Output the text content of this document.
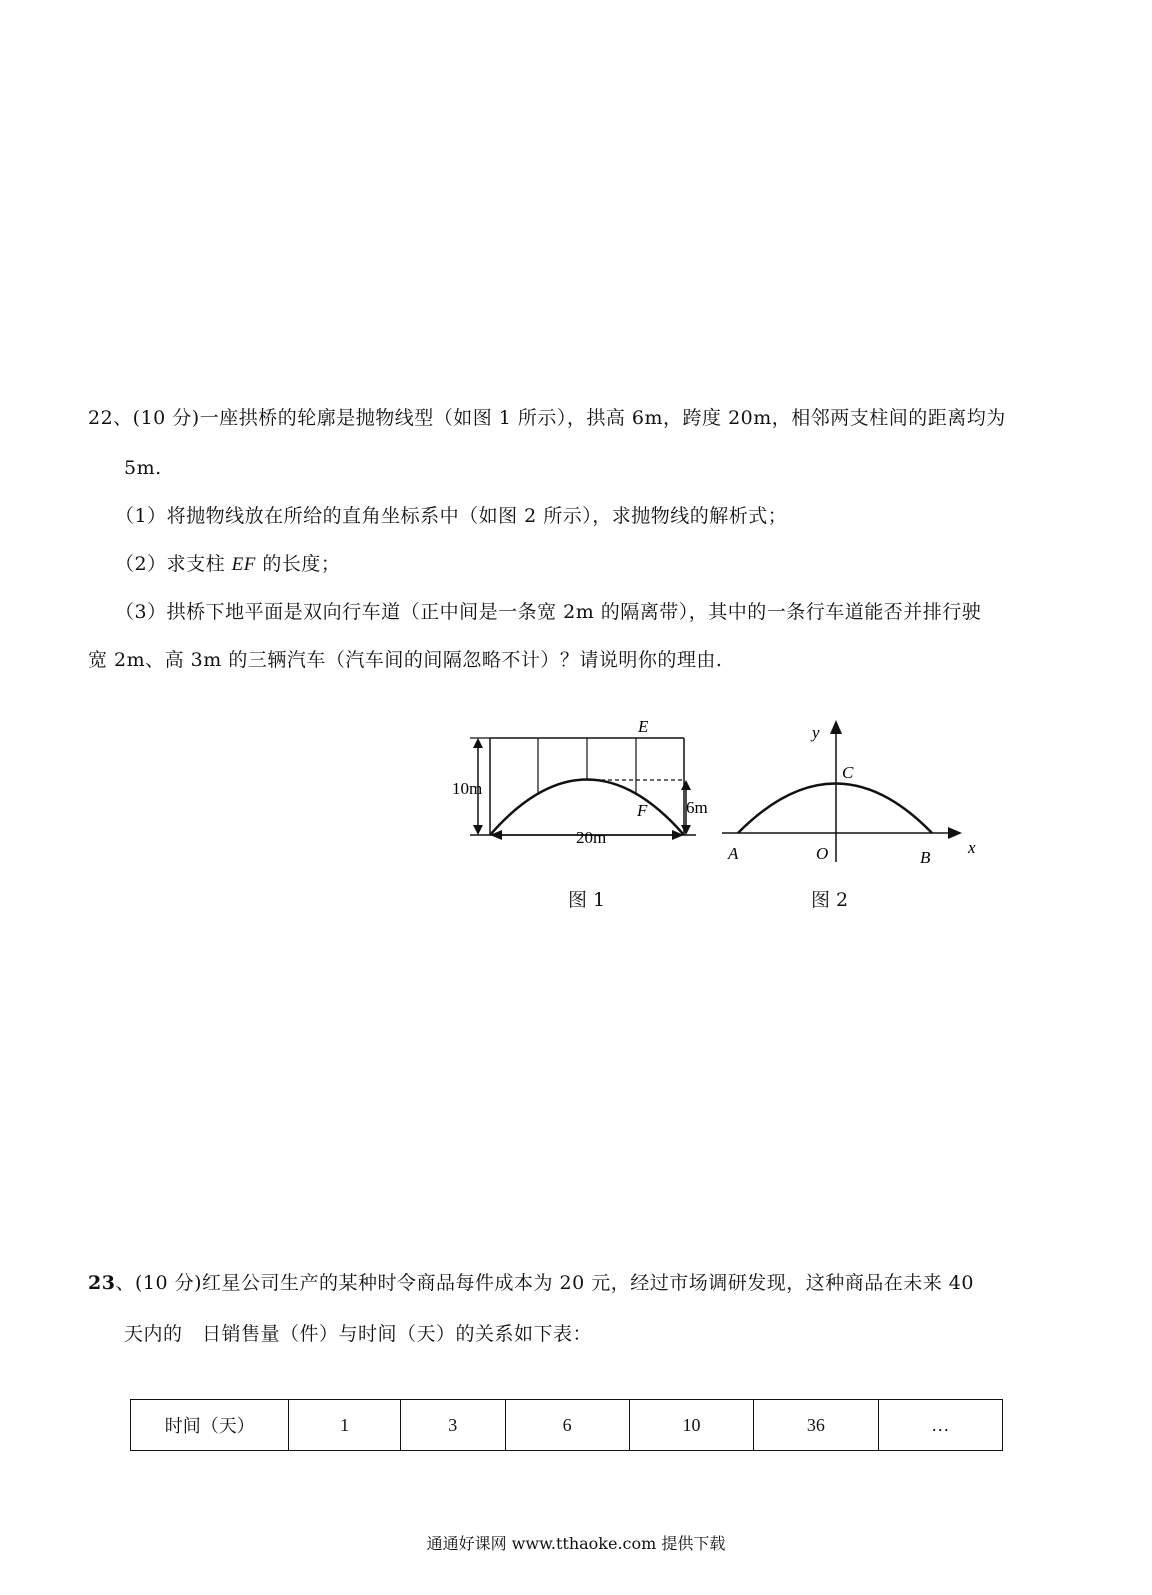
22、(10 分)一座拱桥的轮廓是抛物线型（如图 1 所示），拱高 6m，跨度 20m，相邻两支柱间的距离均为
5m.
（1）将抛物线放在所给的直角坐标系中（如图 2 所示），求抛物线的解析式；
（2）求支柱 EF 的长度；
（3）拱桥下地平面是双向行车道（正中间是一条宽 2m 的隔离带），其中的一条行车道能否并排行驶
宽 2m、高 3m 的三辆汽车（汽车间的间隔忽略不计）？请说明你的理由.
E
F
10m
6m
20m
图 1
y
x
C
A	O	B
图 2
23、(10 分)红星公司生产的某种时令商品每件成本为 20 元，经过市场调研发现，这种商品在未来 40
天内的　日销售量（件）与时间（天）的关系如下表：
时间（天）	1	3	6	10	36	…
通通好课网 www.tthaoke.com 提供下载
